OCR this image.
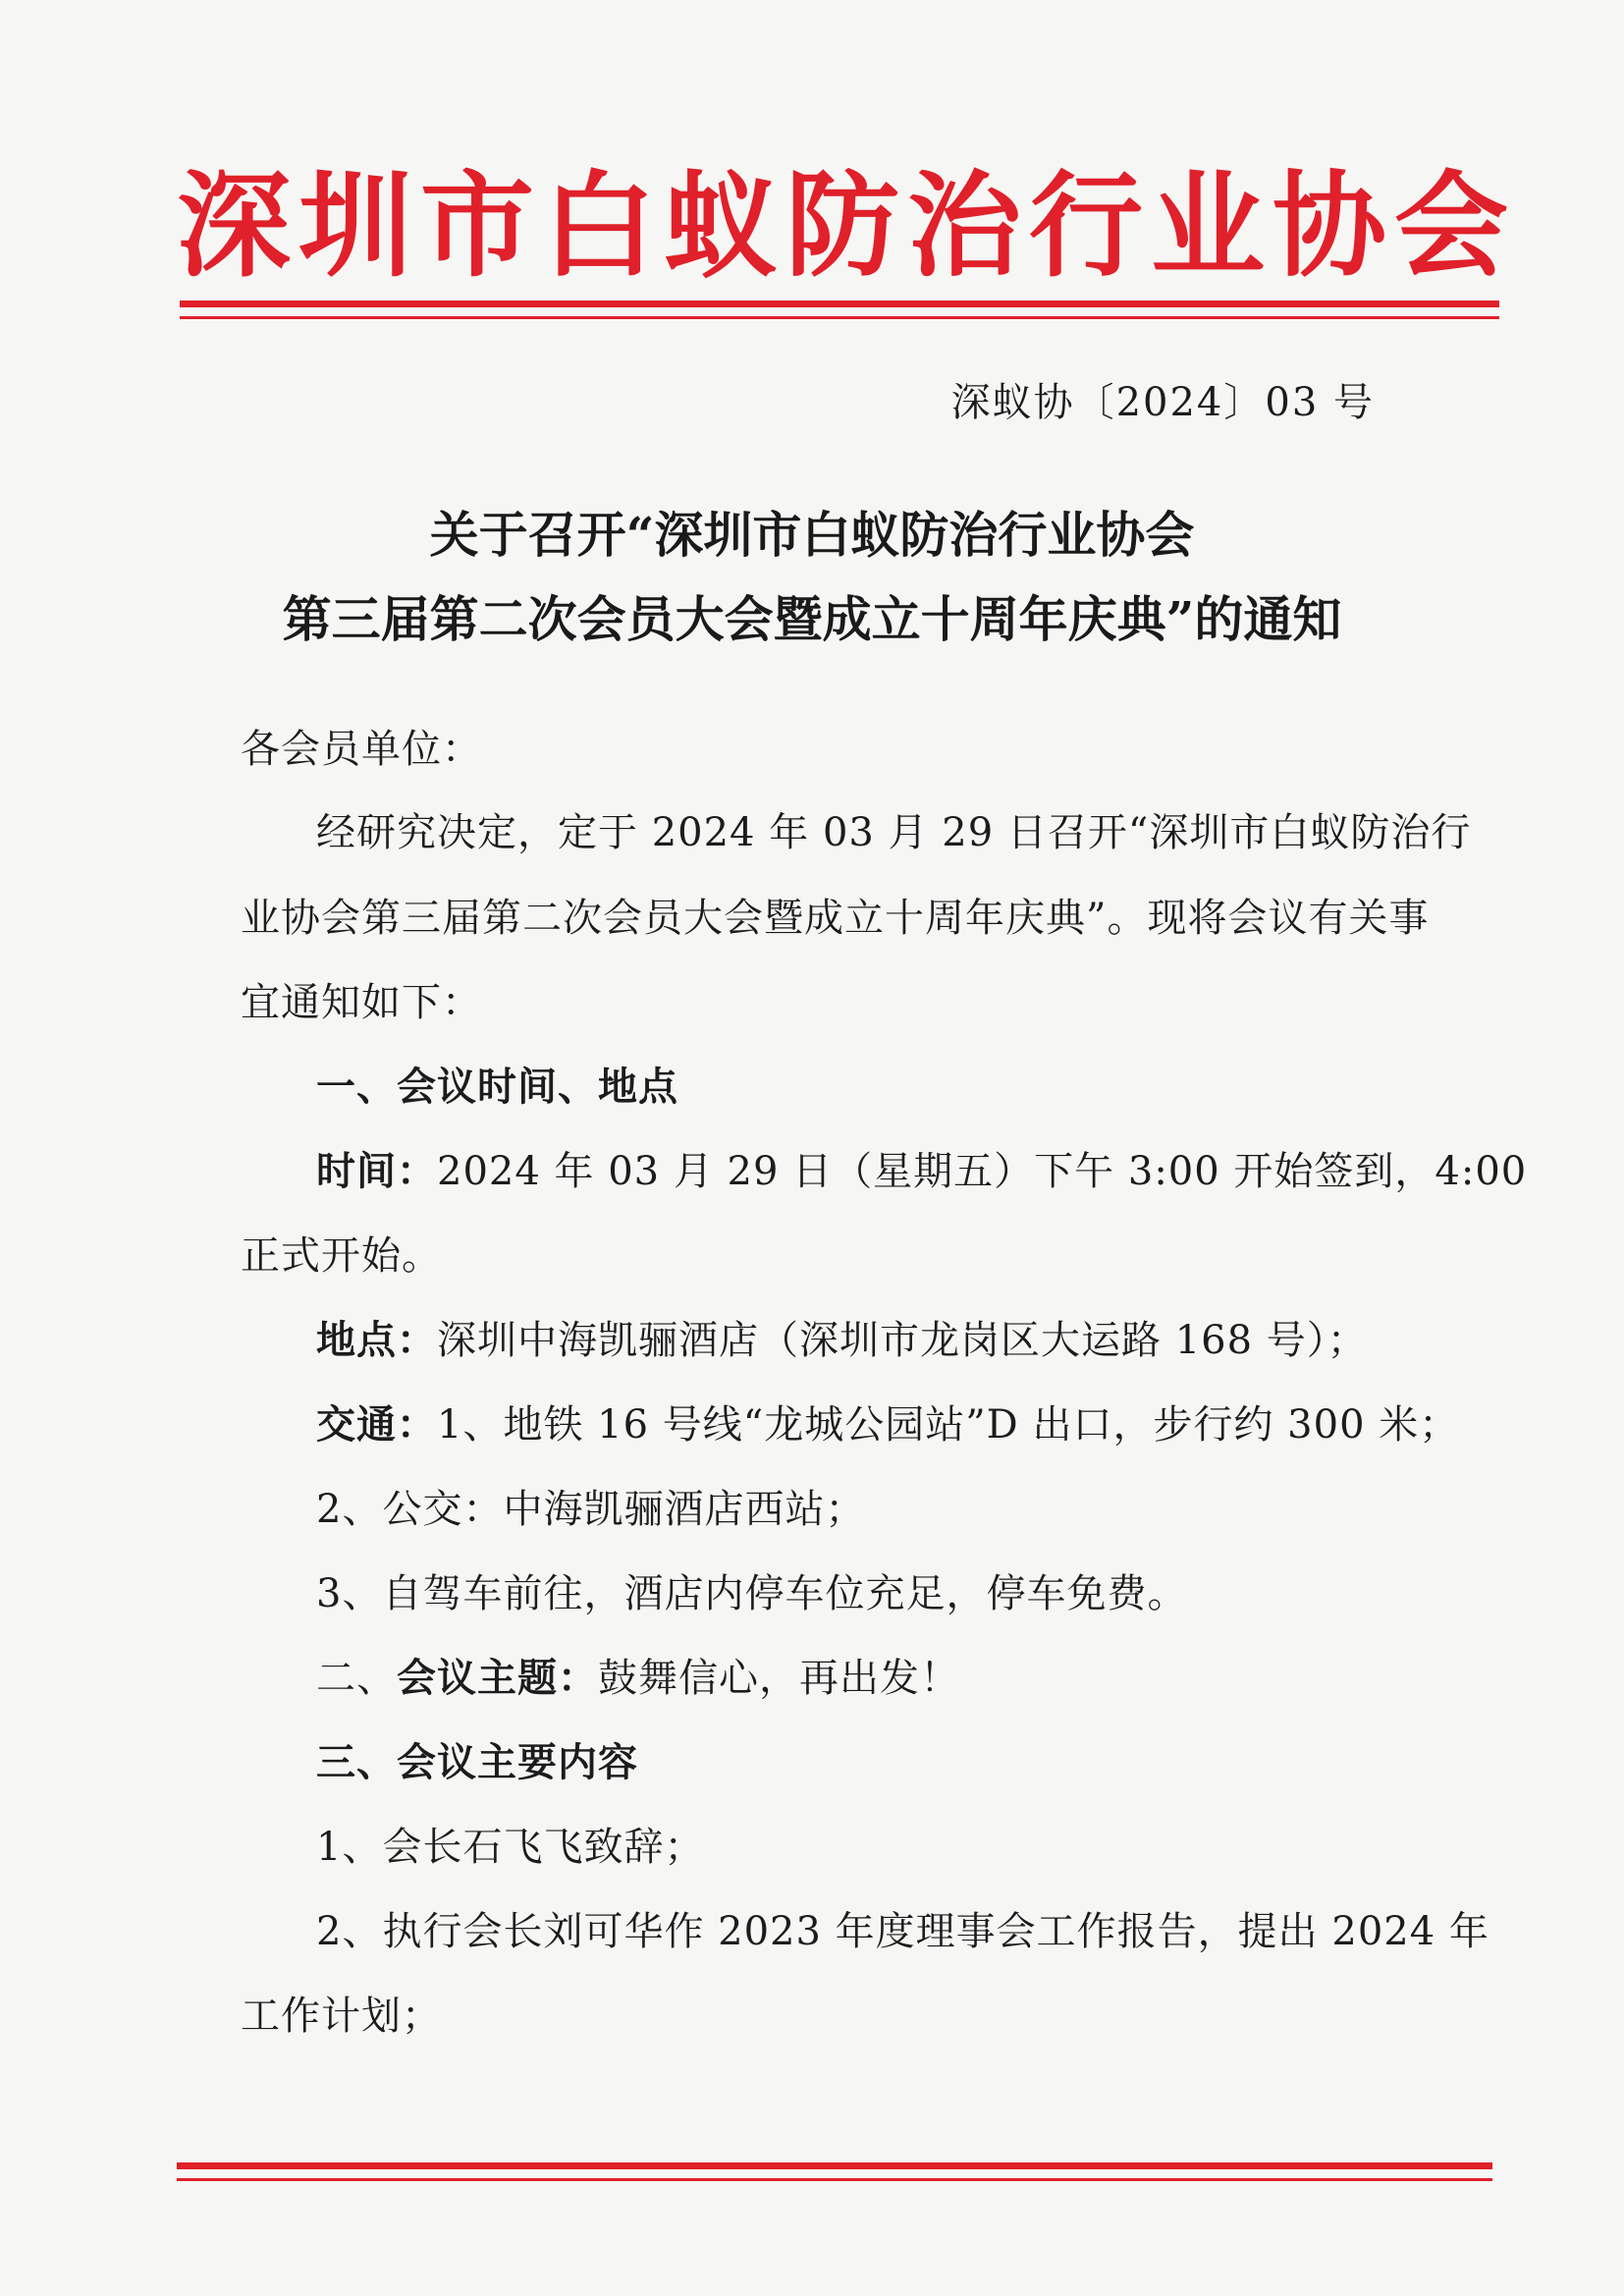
深圳市白蚁防治行业协会
深蚁协〔2024〕03 号
关于召开“深圳市白蚁防治行业协会
第三届第二次会员大会暨成立十周年庆典”的通知
各会员单位：
经研究决定，定于 2024 年 03 月 29 日召开“深圳市白蚁防治行
业协会第三届第二次会员大会暨成立十周年庆典”。现将会议有关事
宜通知如下：
一、会议时间、地点
时间：2024 年 03 月 29 日（星期五）下午 3:00 开始签到，4:00
正式开始。
地点：深圳中海凯骊酒店（深圳市龙岗区大运路 168 号）；
交通：1、地铁 16 号线“龙城公园站”D 出口，步行约 300 米；
2、公交：中海凯骊酒店西站；
3、自驾车前往，酒店内停车位充足，停车免费。
二、会议主题：鼓舞信心，再出发！
三、会议主要内容
1、会长石飞飞致辞；
2、执行会长刘可华作 2023 年度理事会工作报告，提出 2024 年
工作计划；
